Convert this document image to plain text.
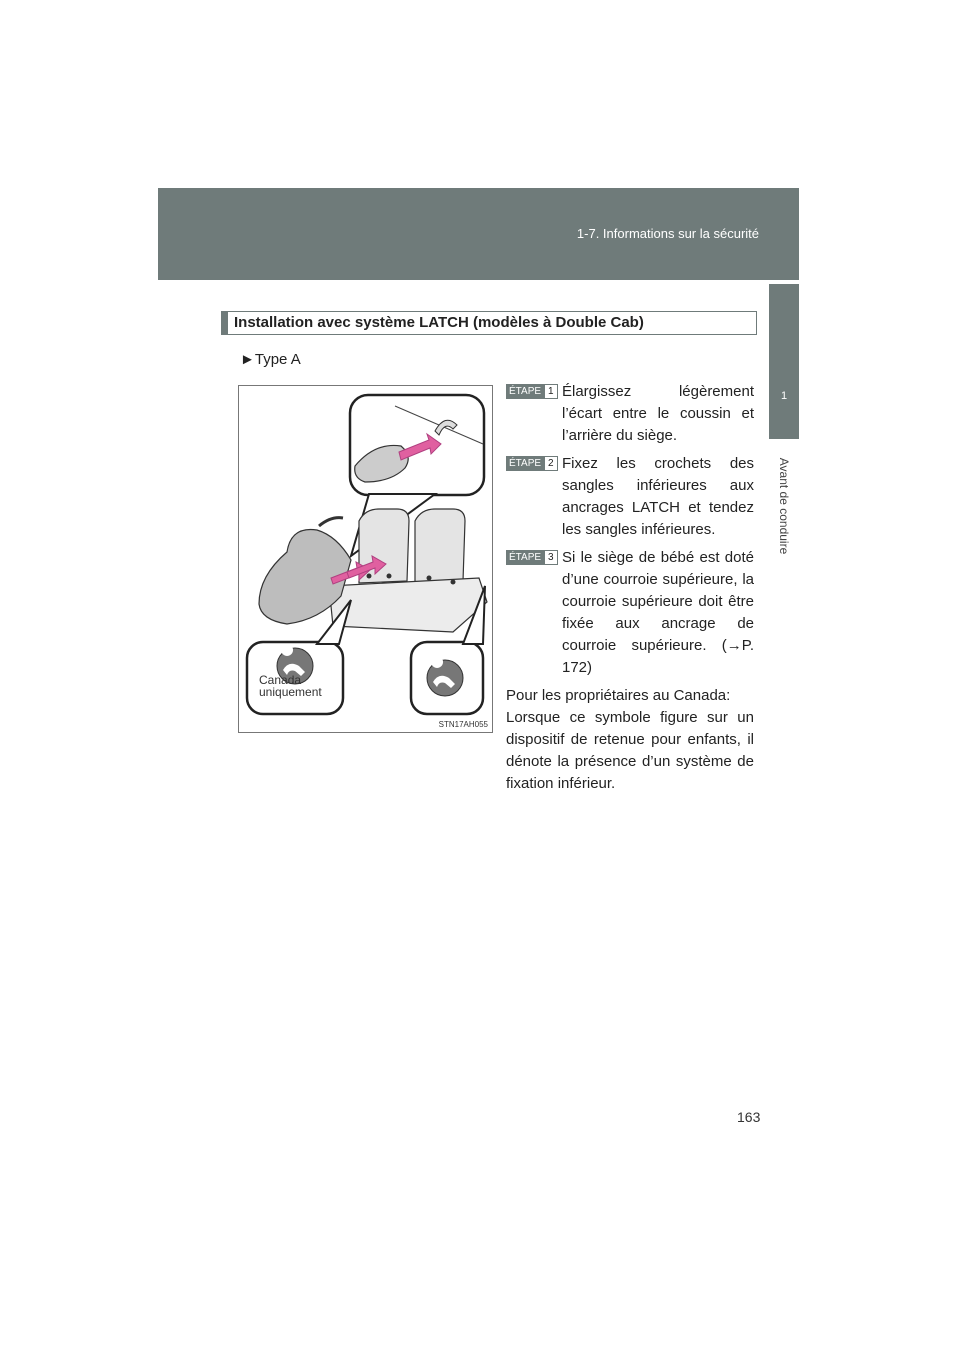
1-7. Informations sur la sécurité
1
Avant de conduire
Installation avec système LATCH (modèles à Double Cab)
►Type A
Canada
uniquement
STN17AH055
ÉTAPE 1 Élargissez légèrement l’écart entre le coussin et l’arrière du siège.
ÉTAPE 2 Fixez les crochets des sangles inférieures aux ancrages LATCH et tendez les sangles inférieures.
ÉTAPE 3 Si le siège de bébé est doté d’une courroie supérieure, la courroie supérieure doit être fixée aux ancrage de courroie supérieure. (→P. 172)
Pour les propriétaires au Canada:
Lorsque ce symbole figure sur un dispositif de retenue pour enfants, il dénote la présence d’un système de fixation inférieur.
163
